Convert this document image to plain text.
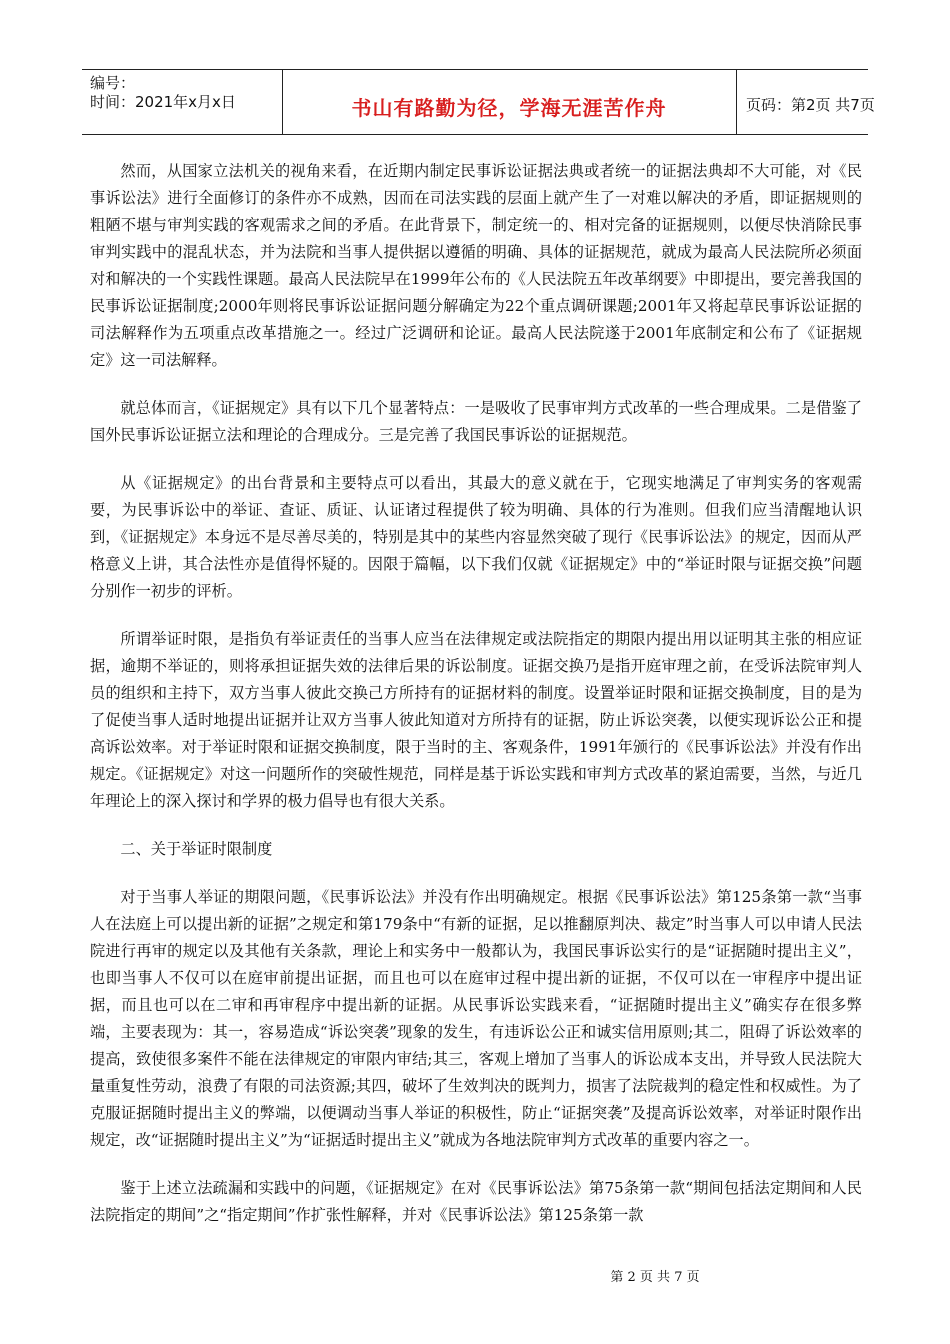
编号：
时间：2021年x月x日	书山有路勤为径，学海无涯苦作舟	页码：第2页 共7页

然而，从国家立法机关的视角来看，在近期内制定民事诉讼证据法典或者统一的证据法典却不大可能，对《民事诉讼法》进行全面修订的条件亦不成熟，因而在司法实践的层面上就产生了一对难以解决的矛盾，即证据规则的粗陋不堪与审判实践的客观需求之间的矛盾。在此背景下，制定统一的、相对完备的证据规则，以便尽快消除民事审判实践中的混乱状态，并为法院和当事人提供据以遵循的明确、具体的证据规范，就成为最高人民法院所必须面对和解决的一个实践性课题。最高人民法院早在1999年公布的《人民法院五年改革纲要》中即提出，要完善我国的民事诉讼证据制度;2000年则将民事诉讼证据问题分解确定为22个重点调研课题;2001年又将起草民事诉讼证据的司法解释作为五项重点改革措施之一。经过广泛调研和论证。最高人民法院遂于2001年底制定和公布了《证据规定》这一司法解释。

就总体而言，《证据规定》具有以下几个显著特点：一是吸收了民事审判方式改革的一些合理成果。二是借鉴了国外民事诉讼证据立法和理论的合理成分。三是完善了我国民事诉讼的证据规范。

从《证据规定》的出台背景和主要特点可以看出，其最大的意义就在于，它现实地满足了审判实务的客观需要，为民事诉讼中的举证、查证、质证、认证诸过程提供了较为明确、具体的行为准则。但我们应当清醒地认识到，《证据规定》本身远不是尽善尽美的，特别是其中的某些内容显然突破了现行《民事诉讼法》的规定，因而从严格意义上讲，其合法性亦是值得怀疑的。因限于篇幅，以下我们仅就《证据规定》中的“举证时限与证据交换”问题分别作一初步的评析。

所谓举证时限，是指负有举证责任的当事人应当在法律规定或法院指定的期限内提出用以证明其主张的相应证据，逾期不举证的，则将承担证据失效的法律后果的诉讼制度。证据交换乃是指开庭审理之前，在受诉法院审判人员的组织和主持下，双方当事人彼此交换己方所持有的证据材料的制度。设置举证时限和证据交换制度，目的是为了促使当事人适时地提出证据并让双方当事人彼此知道对方所持有的证据，防止诉讼突袭，以便实现诉讼公正和提高诉讼效率。对于举证时限和证据交换制度，限于当时的主、客观条件，1991年颁行的《民事诉讼法》并没有作出规定。《证据规定》对这一问题所作的突破性规范，同样是基于诉讼实践和审判方式改革的紧迫需要，当然，与近几年理论上的深入探讨和学界的极力倡导也有很大关系。

二、关于举证时限制度

对于当事人举证的期限问题，《民事诉讼法》并没有作出明确规定。根据《民事诉讼法》第125条第一款“当事人在法庭上可以提出新的证据”之规定和第179条中“有新的证据，足以推翻原判决、裁定”时当事人可以申请人民法院进行再审的规定以及其他有关条款，理论上和实务中一般都认为，我国民事诉讼实行的是“证据随时提出主义”，也即当事人不仅可以在庭审前提出证据，而且也可以在庭审过程中提出新的证据，不仅可以在一审程序中提出证据，而且也可以在二审和再审程序中提出新的证据。从民事诉讼实践来看，“证据随时提出主义”确实存在很多弊端，主要表现为：其一，容易造成“诉讼突袭”现象的发生，有违诉讼公正和诚实信用原则;其二，阻碍了诉讼效率的提高，致使很多案件不能在法律规定的审限内审结;其三，客观上增加了当事人的诉讼成本支出，并导致人民法院大量重复性劳动，浪费了有限的司法资源;其四，破坏了生效判决的既判力，损害了法院裁判的稳定性和权威性。为了克服证据随时提出主义的弊端，以便调动当事人举证的积极性，防止“证据突袭”及提高诉讼效率，对举证时限作出规定，改“证据随时提出主义”为“证据适时提出主义”就成为各地法院审判方式改革的重要内容之一。

鉴于上述立法疏漏和实践中的问题，《证据规定》在对《民事诉讼法》第75条第一款“期间包括法定期间和人民法院指定的期间”之“指定期间”作扩张性解释，并对《民事诉讼法》第125条第一款

第 2 页 共 7 页
